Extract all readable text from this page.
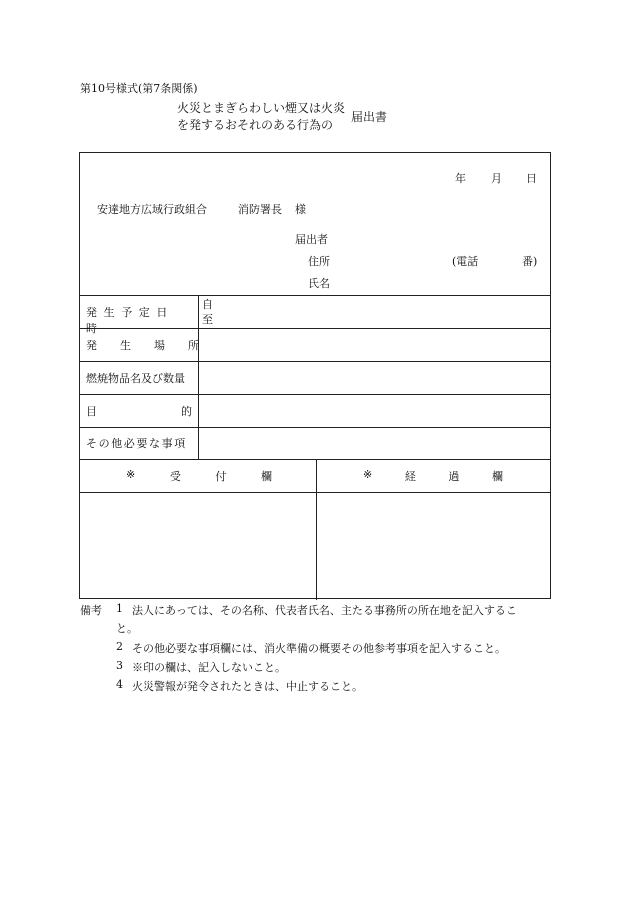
第10号様式(第7条関係)
火災とまぎらわしい煙又は火炎
を発するおそれのある行為の
届出書
年 月 日
安達地方広域行政組合	消防署長 様
届出者
住所	(電話	番)
氏名
発生予定日時
自
至
発生場所
燃焼物品名及び数量
目的
その他必要な事項
※	受	付	欄	※	経	過	欄
備考 1 法人にあっては、その名称、代表者氏名、主たる事務所の所在地を記入するこ
と。
2 その他必要な事項欄には、消火準備の概要その他参考事項を記入すること。
3 ※印の欄は、記入しないこと。
4 火災警報が発令されたときは、中止すること。
